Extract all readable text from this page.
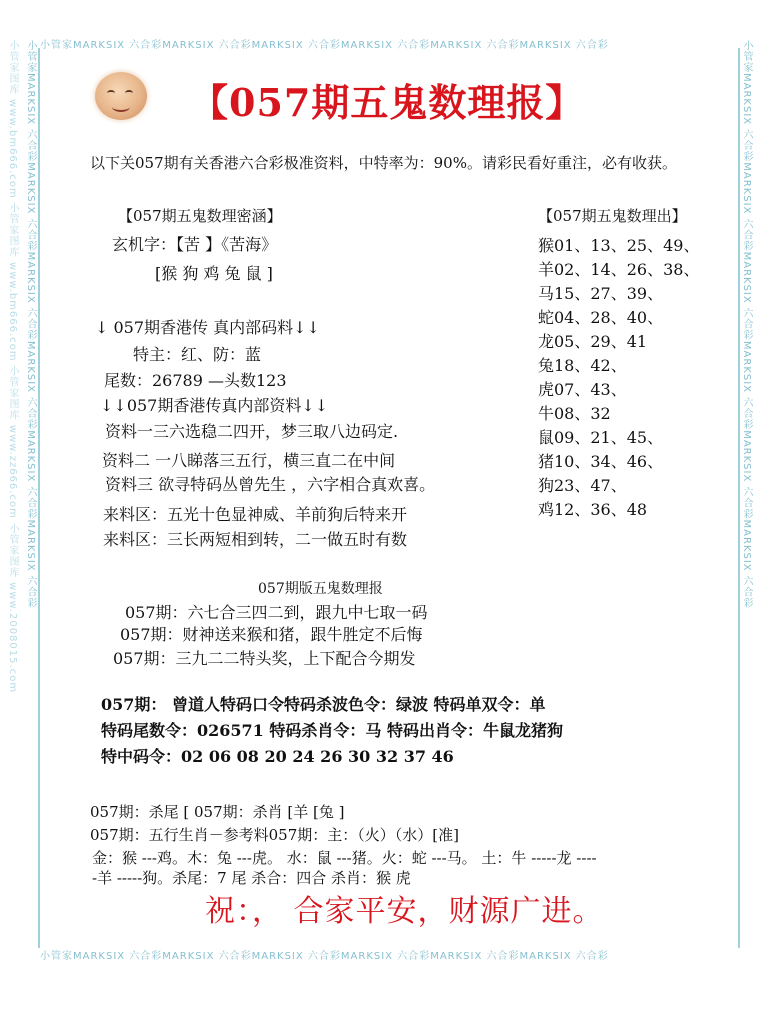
小管家MARKSIX 六合彩MARKSIX 六合彩MARKSIX 六合彩MARKSIX 六合彩MARKSIX 六合彩MARKSIX 六合彩
小管家MARKSIX 六合彩MARKSIX 六合彩MARKSIX 六合彩MARKSIX 六合彩MARKSIX 六合彩MARKSIX 六合彩
小管家MARKSIX 六合彩MARKSIX 六合彩MARKSIX 六合彩MARKSIX 六合彩MARKSIX 六合彩MARKSIX 六合彩	小管家MARKSIX 六合彩MARKSIX 六合彩MARKSIX 六合彩MARKSIX 六合彩MARKSIX 六合彩MARKSIX 六合彩
小管家图库 www.bm666.com 小管家图库 www.bm666.com 小管家图库 www.zz666.com 小管家图库 www.2008015.com	【057期五鬼数理报】
以下关057期有关香港六合彩极准资料，中特率为：90%。请彩民看好重注，必有收获。
【057期五鬼数理密涵】
玄机字：【苦 】《苦海》
[猴 狗 鸡 兔 鼠 ]
↓ 057期香港传 真内部码料↓↓
特主：红、防：蓝
尾数：26789 —头数123
↓↓057期香港传真内部资料↓↓
资料一三六选稳二四开，梦三取八边码定.
资料二 一八睇落三五行，横三直二在中间
资料三 欲寻特码丛曾先生 ，六字相合真欢喜。
来料区：五光十色显神威、羊前狗后特来开
来料区：三长两短相到转，二一做五时有数
【057期五鬼数理出】
猴01、13、25、49、
羊02、14、26、38、
马15、27、39、
蛇04、28、40、
龙05、29、41
兔18、42、
虎07、43、
牛08、32
鼠09、21、45、
猪10、34、46、
狗23、47、
鸡12、36、48
057期版五鬼数理报
057期：六七合三四二到，跟九中七取一码
057期：财神送来猴和猪，跟牛胜定不后悔
057期：三九二二特头奖，上下配合今期发
057期： 曾道人特码口令特码杀波色令：绿波 特码单双令：单
特码尾数令：026571 特码杀肖令：马 特码出肖令：牛鼠龙猪狗
特中码令：02 06 08 20 24 26 30 32 37 46
057期：杀尾 [ 057期：杀肖 [羊 [兔 ]
057期：五行生肖－参考料057期：主：（火）（水）[准]
金：猴 ---鸡。木：兔 ---虎。 水：鼠 ---猪。火：蛇 ---马。 土：牛 -----龙 ----
-羊 -----狗。杀尾：7 尾 杀合：四合 杀肖：猴 虎
祝：， 合家平安，财源广进。
